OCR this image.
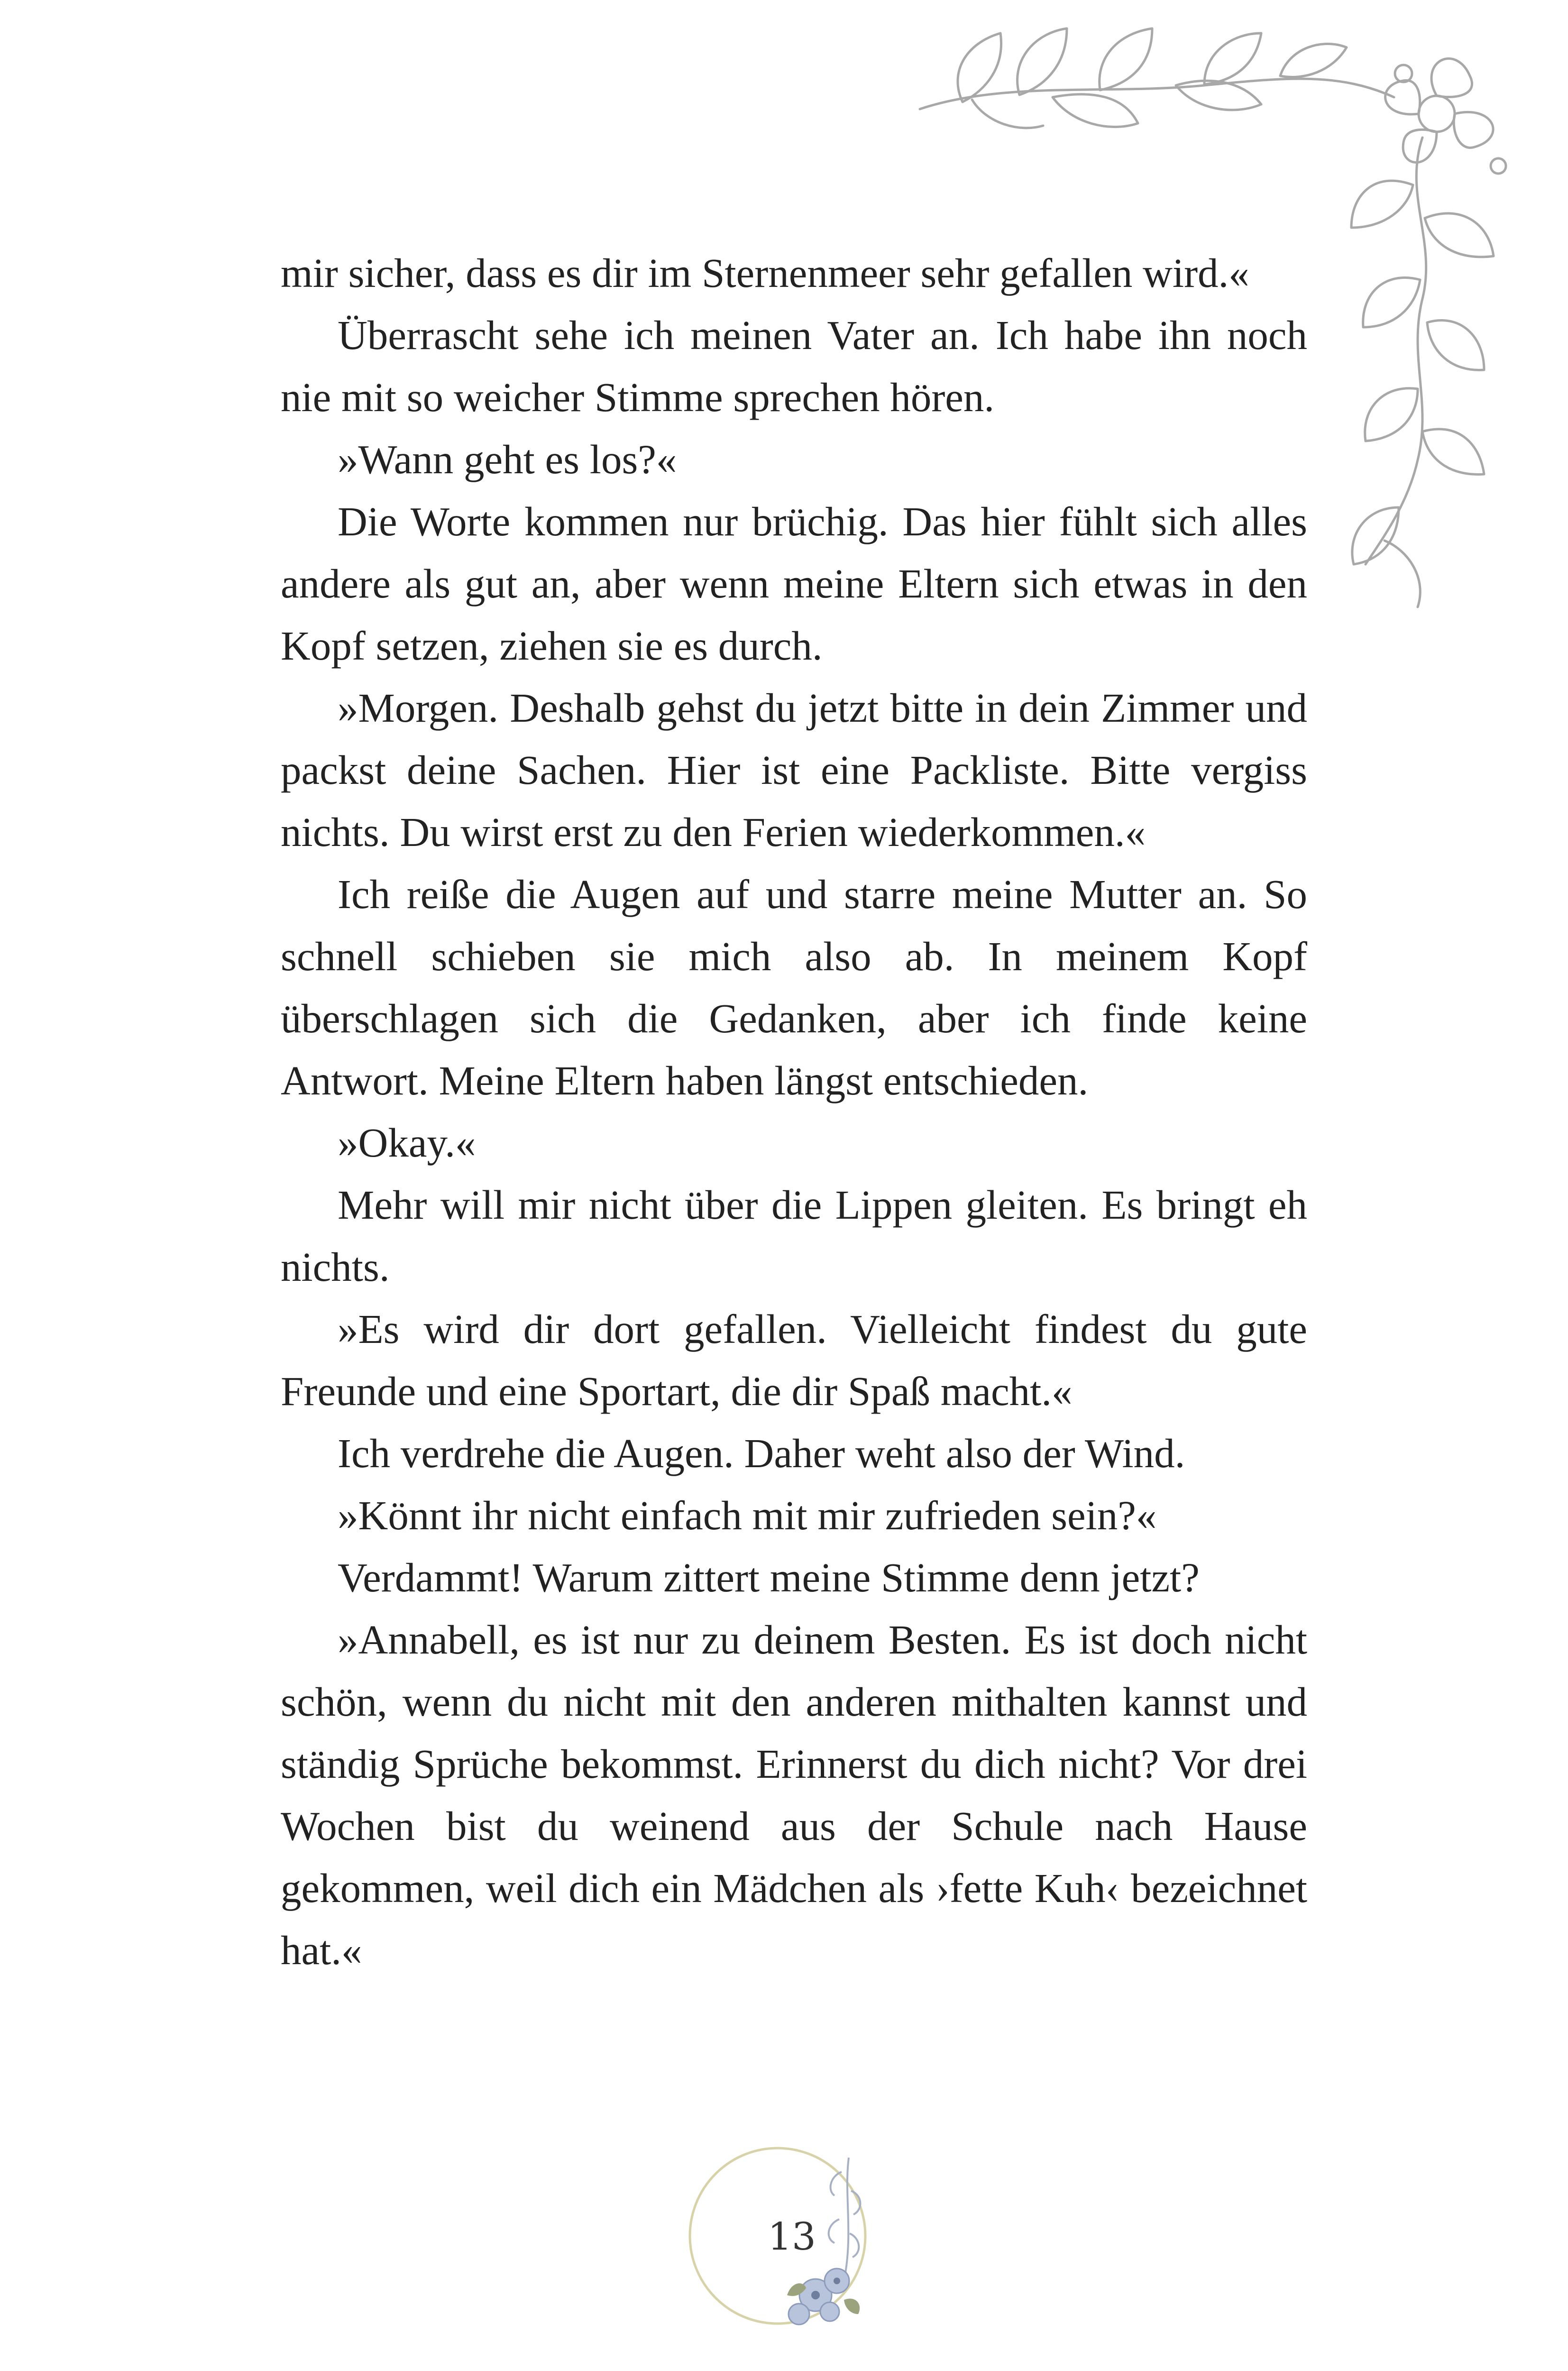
mir sicher, dass es dir im Sternenmeer sehr gefallen wird.«

Überrascht sehe ich meinen Vater an. Ich habe ihn noch nie mit so weicher Stimme sprechen hören.

»Wann geht es los?«

Die Worte kommen nur brüchig. Das hier fühlt sich alles andere als gut an, aber wenn meine Eltern sich etwas in den Kopf setzen, ziehen sie es durch.

»Morgen. Deshalb gehst du jetzt bitte in dein Zimmer und packst deine Sachen. Hier ist eine Packliste. Bitte vergiss nichts. Du wirst erst zu den Ferien wiederkommen.«

Ich reiße die Augen auf und starre meine Mutter an. So schnell schieben sie mich also ab. In meinem Kopf überschlagen sich die Gedanken, aber ich finde keine Antwort. Meine Eltern haben längst entschieden.

»Okay.«

Mehr will mir nicht über die Lippen gleiten. Es bringt eh nichts.

»Es wird dir dort gefallen. Vielleicht findest du gute Freunde und eine Sportart, die dir Spaß macht.«

Ich verdrehe die Augen. Daher weht also der Wind.

»Könnt ihr nicht einfach mit mir zufrieden sein?«

Verdammt! Warum zittert meine Stimme denn jetzt?

»Annabell, es ist nur zu deinem Besten. Es ist doch nicht schön, wenn du nicht mit den anderen mithalten kannst und ständig Sprüche bekommst. Erinnerst du dich nicht? Vor drei Wochen bist du weinend aus der Schule nach Hause gekommen, weil dich ein Mädchen als ›fette Kuh‹ bezeichnet hat.«

13
